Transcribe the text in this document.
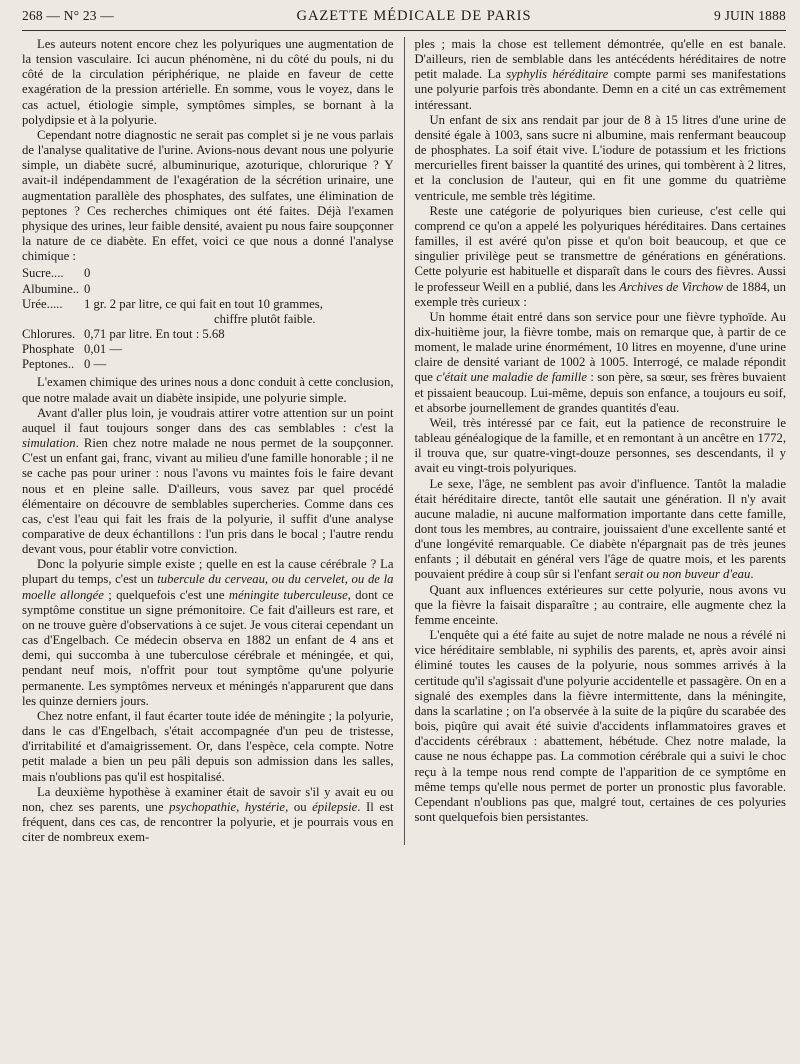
268 — N° 23 —	GAZETTE MÉDICALE DE PARIS	9 JUIN 1888

Les auteurs notent encore chez les polyuriques une augmentation de la tension vasculaire. Ici aucun phénomène, ni du côté du pouls, ni du côté de la circulation périphérique, ne plaide en faveur de cette exagération de la pression artérielle. En somme, vous le voyez, dans le cas actuel, étiologie simple, symptômes simples, se bornant à la polydipsie et à la polyurie.

Cependant notre diagnostic ne serait pas complet si je ne vous parlais de l'analyse qualitative de l'urine. Avions-nous devant nous une polyurie simple, un diabète sucré, albuminurique, azoturique, chlorurique ? Y avait-il indépendamment de l'exagération de la sécrétion urinaire, une augmentation parallèle des phosphates, des sulfates, une élimination de peptones ? Ces recherches chimiques ont été faites. Déjà l'examen physique des urines, leur faible densité, avaient pu nous faire soupçonner la nature de ce diabète. En effet, voici ce que nous a donné l'analyse chimique :

Sucre....	0
Albumine.. 0
Urée.....	1 gr. 2 par litre, ce qui fait en tout 10 grammes,
chiffre plutôt faible.
Chlorures. 0,71 par litre. En tout : 5.68
Phosphate 0,01 —
Peptones.. 0 —

L'examen chimique des urines nous a donc conduit à cette conclusion, que notre malade avait un diabète insipide, une polyurie simple.

Avant d'aller plus loin, je voudrais attirer votre attention sur un point auquel il faut toujours songer dans des cas semblables : c'est la simulation. Rien chez notre malade ne nous permet de la soupçonner. C'est un enfant gai, franc, vivant au milieu d'une famille honorable ; il ne se cache pas pour uriner : nous l'avons vu maintes fois le faire devant nous et en pleine salle. D'ailleurs, vous savez par quel procédé élémentaire on découvre de semblables supercheries. Comme dans ces cas, c'est l'eau qui fait les frais de la polyurie, il suffit d'une analyse comparative de deux échantillons : l'un pris dans le bocal ; l'autre rendu devant vous, pour établir votre conviction.

Donc la polyurie simple existe ; quelle en est la cause cérébrale ? La plupart du temps, c'est un tubercule du cerveau, ou du cervelet, ou de la moelle allongée ; quelquefois c'est une méningite tuberculeuse, dont ce symptôme constitue un signe prémonitoire. Ce fait d'ailleurs est rare, et on ne trouve guère d'observations à ce sujet. Je vous citerai cependant un cas d'Engelbach. Ce médecin observa en 1882 un enfant de 4 ans et demi, qui succomba à une tuberculose cérébrale et méningée, et qui, pendant neuf mois, n'offrit pour tout symptôme qu'une polyurie permanente. Les symptômes nerveux et méningés n'apparurent que dans les quinze derniers jours.

Chez notre enfant, il faut écarter toute idée de méningite ; la polyurie, dans le cas d'Engelbach, s'était accompagnée d'un peu de tristesse, d'irritabilité et d'amaigrissement. Or, dans l'espèce, cela compte. Notre petit malade a bien un peu pâli depuis son admission dans les salles, mais n'oublions pas qu'il est hospitalisé.

La deuxième hypothèse à examiner était de savoir s'il y avait eu ou non, chez ses parents, une psychopathie, hystérie, ou épilepsie. Il est fréquent, dans ces cas, de rencontrer la polyurie, et je pourrais vous en citer de nombreux exem-

ples ; mais la chose est tellement démontrée, qu'elle en est banale. D'ailleurs, rien de semblable dans les antécédents héréditaires de notre petit malade. La syphylis héréditaire compte parmi ses manifestations une polyurie parfois très abondante. Demn en a cité un cas extrêmement intéressant.

Un enfant de six ans rendait par jour de 8 à 15 litres d'une urine de densité égale à 1003, sans sucre ni albumine, mais renfermant beaucoup de phosphates. La soif était vive. L'iodure de potassium et les frictions mercurielles firent baisser la quantité des urines, qui tombèrent à 2 litres, et la conclusion de l'auteur, qui en fit une gomme du quatrième ventricule, me semble très légitime.

Reste une catégorie de polyuriques bien curieuse, c'est celle qui comprend ce qu'on a appelé les polyuriques héréditaires. Dans certaines familles, il est avéré qu'on pisse et qu'on boit beaucoup, et que ce singulier privilège peut se transmettre de générations en générations. Cette polyurie est habituelle et disparaît dans le cours des fièvres. Aussi le professeur Weill en a publié, dans les Archives de Virchow de 1884, un exemple très curieux :

Un homme était entré dans son service pour une fièvre typhoïde. Au dix-huitième jour, la fièvre tombe, mais on remarque que, à partir de ce moment, le malade urine énormément, 10 litres en moyenne, d'une urine claire de densité variant de 1002 à 1005. Interrogé, ce malade répondit que c'était une maladie de famille : son père, sa sœur, ses frères buvaient et pissaient beaucoup. Lui-même, depuis son enfance, a toujours eu soif, et absorbe journellement de grandes quantités d'eau.

Weil, très intéressé par ce fait, eut la patience de reconstruire le tableau généalogique de la famille, et en remontant à un ancêtre en 1772, il trouva que, sur quatre-vingt-douze personnes, ses descendants, il y avait eu vingt-trois polyuriques.

Le sexe, l'âge, ne semblent pas avoir d'influence. Tantôt la maladie était héréditaire directe, tantôt elle sautait une génération. Il n'y avait aucune maladie, ni aucune malformation importante dans cette famille, dont tous les membres, au contraire, jouissaient d'une excellente santé et d'une longévité remarquable. Ce diabète n'épargnait pas de très jeunes enfants ; il débutait en général vers l'âge de quatre mois, et les parents pouvaient prédire à coup sûr si l'enfant serait ou non buveur d'eau.

Quant aux influences extérieures sur cette polyurie, nous avons vu que la fièvre la faisait disparaître ; au contraire, elle augmente chez la femme enceinte.

L'enquête qui a été faite au sujet de notre malade ne nous a révélé ni vice héréditaire semblable, ni syphilis des parents, et, après avoir ainsi éliminé toutes les causes de la polyurie, nous sommes arrivés à la certitude qu'il s'agissait d'une polyurie accidentelle et passagère. On en a signalé des exemples dans la fièvre intermittente, dans la méningite, dans la scarlatine ; on l'a observée à la suite de la piqûre du scarabée des bois, piqûre qui avait été suivie d'accidents inflammatoires graves et d'accidents cérébraux : abattement, hébétude. Chez notre malade, la cause ne nous échappe pas. La commotion cérébrale qui a suivi le choc reçu à la tempe nous rend compte de l'apparition de ce symptôme en même temps qu'elle nous permet de porter un pronostic plus favorable. Cependant n'oublions pas que, malgré tout, certaines de ces polyuries sont quelquefois bien persistantes.
